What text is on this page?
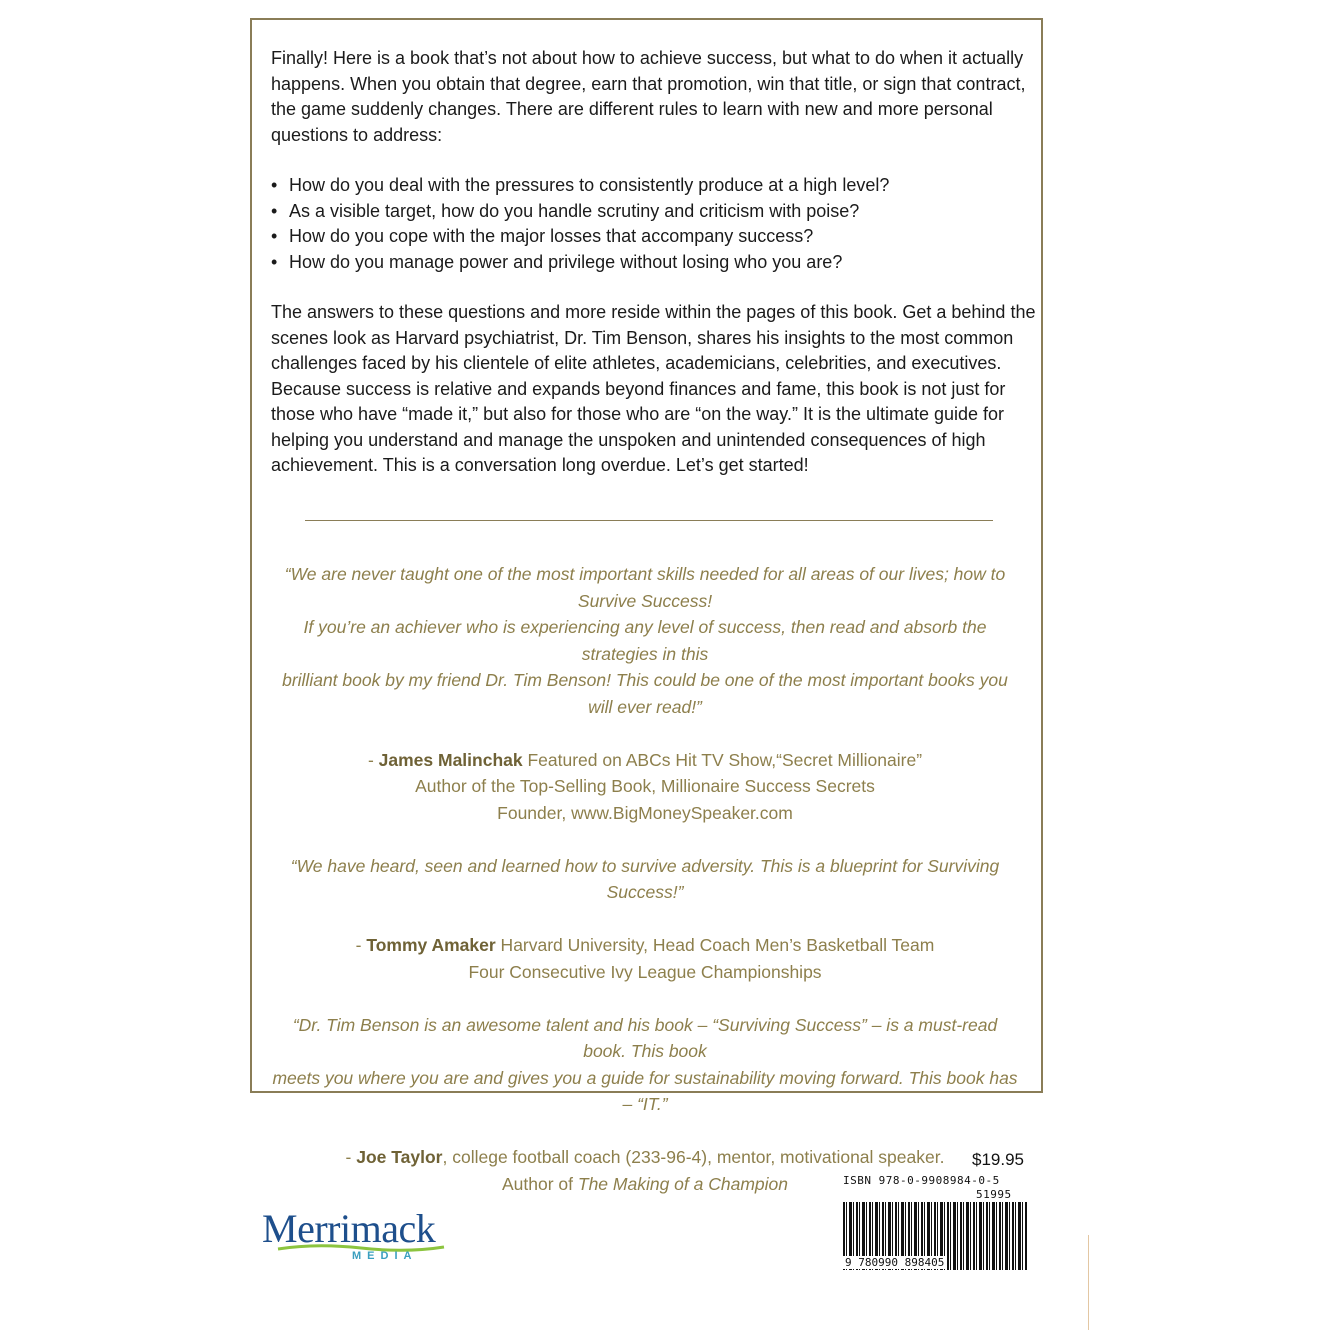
Finally! Here is a book that’s not about how to achieve success, but what to do when it actually happens. When you obtain that degree, earn that promotion, win that title, or sign that contract, the game suddenly changes. There are different rules to learn with new and more personal questions to address:

• How do you deal with the pressures to consistently produce at a high level?
• As a visible target, how do you handle scrutiny and criticism with poise?
• How do you cope with the major losses that accompany success?
• How do you manage power and privilege without losing who you are?

The answers to these questions and more reside within the pages of this book. Get a behind the scenes look as Harvard psychiatrist, Dr. Tim Benson, shares his insights to the most common challenges faced by his clientele of elite athletes, academicians, celebrities, and executives. Because success is relative and expands beyond finances and fame, this book is not just for those who have “made it,” but also for those who are “on the way.” It is the ultimate guide for helping you understand and manage the unspoken and unintended consequences of high achievement. This is a conversation long overdue. Let’s get started!

“We are never taught one of the most important skills needed for all areas of our lives; how to Survive Success!

If you’re an achiever who is experiencing any level of success, then read and absorb the strategies in this

brilliant book by my friend Dr. Tim Benson! This could be one of the most important books you will ever read!”

- James Malinchak Featured on ABCs Hit TV Show,“Secret Millionaire”

Author of the Top-Selling Book, Millionaire Success Secrets

Founder, www.BigMoneySpeaker.com

“We have heard, seen and learned how to survive adversity. This is a blueprint for Surviving Success!”

- Tommy Amaker Harvard University, Head Coach Men’s Basketball Team

Four Consecutive Ivy League Championships

“Dr. Tim Benson is an awesome talent and his book – “Surviving Success” – is a must-read book. This book

meets you where you are and gives you a guide for sustainability moving forward. This book has – “IT.”

- Joe Taylor, college football coach (233-96-4), mentor, motivational speaker.

Author of The Making of a Champion

$19.95
ISBN 978-0-9908984-0-5
51995
9 780990 898405
Merrimack
MEDIA
